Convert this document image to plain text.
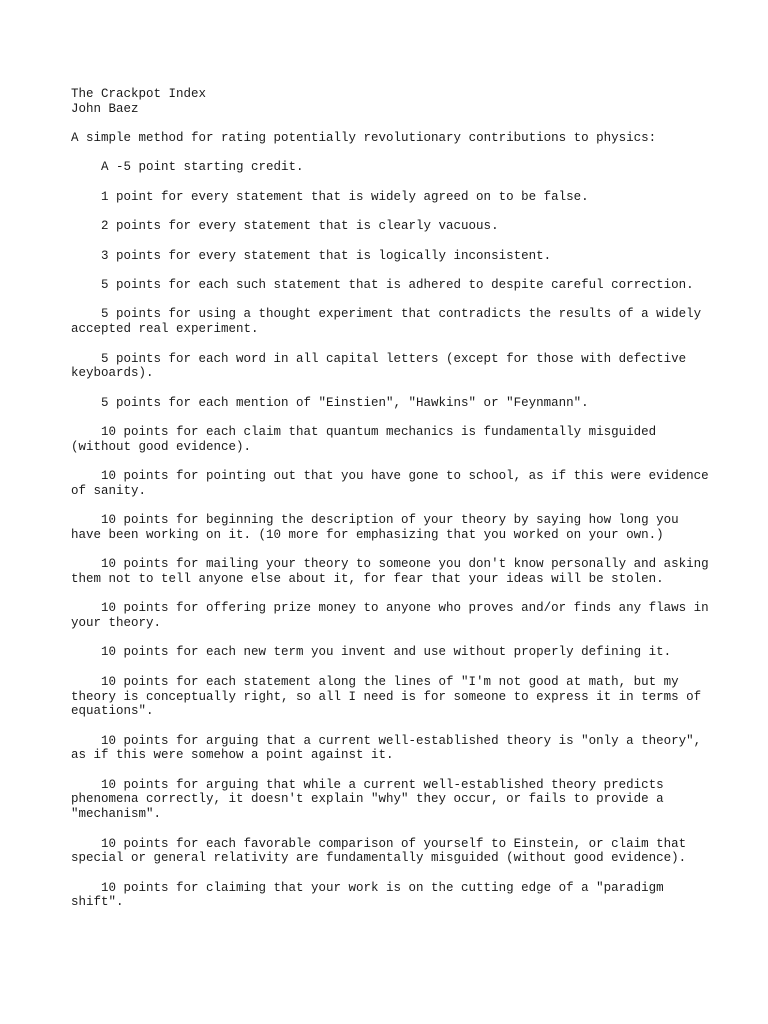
The Crackpot Index

John Baez

A simple method for rating potentially revolutionary contributions to physics:

A -5 point starting credit.

1 point for every statement that is widely agreed on to be false.

2 points for every statement that is clearly vacuous.

3 points for every statement that is logically inconsistent.

5 points for each such statement that is adhered to despite careful correction.

5 points for using a thought experiment that contradicts the results of a widely accepted real experiment.

5 points for each word in all capital letters (except for those with defective keyboards).

5 points for each mention of "Einstien", "Hawkins" or "Feynmann".

10 points for each claim that quantum mechanics is fundamentally misguided (without good evidence).

10 points for pointing out that you have gone to school, as if this were evidence of sanity.

10 points for beginning the description of your theory by saying how long you have been working on it. (10 more for emphasizing that you worked on your own.)

10 points for mailing your theory to someone you don't know personally and asking them not to tell anyone else about it, for fear that your ideas will be stolen.

10 points for offering prize money to anyone who proves and/or finds any flaws in your theory.

10 points for each new term you invent and use without properly defining it.

10 points for each statement along the lines of "I'm not good at math, but my theory is conceptually right, so all I need is for someone to express it in terms of equations".

10 points for arguing that a current well-established theory is "only a theory", as if this were somehow a point against it.

10 points for arguing that while a current well-established theory predicts phenomena correctly, it doesn't explain "why" they occur, or fails to provide a "mechanism".

10 points for each favorable comparison of yourself to Einstein, or claim that special or general relativity are fundamentally misguided (without good evidence).

10 points for claiming that your work is on the cutting edge of a "paradigm shift".
